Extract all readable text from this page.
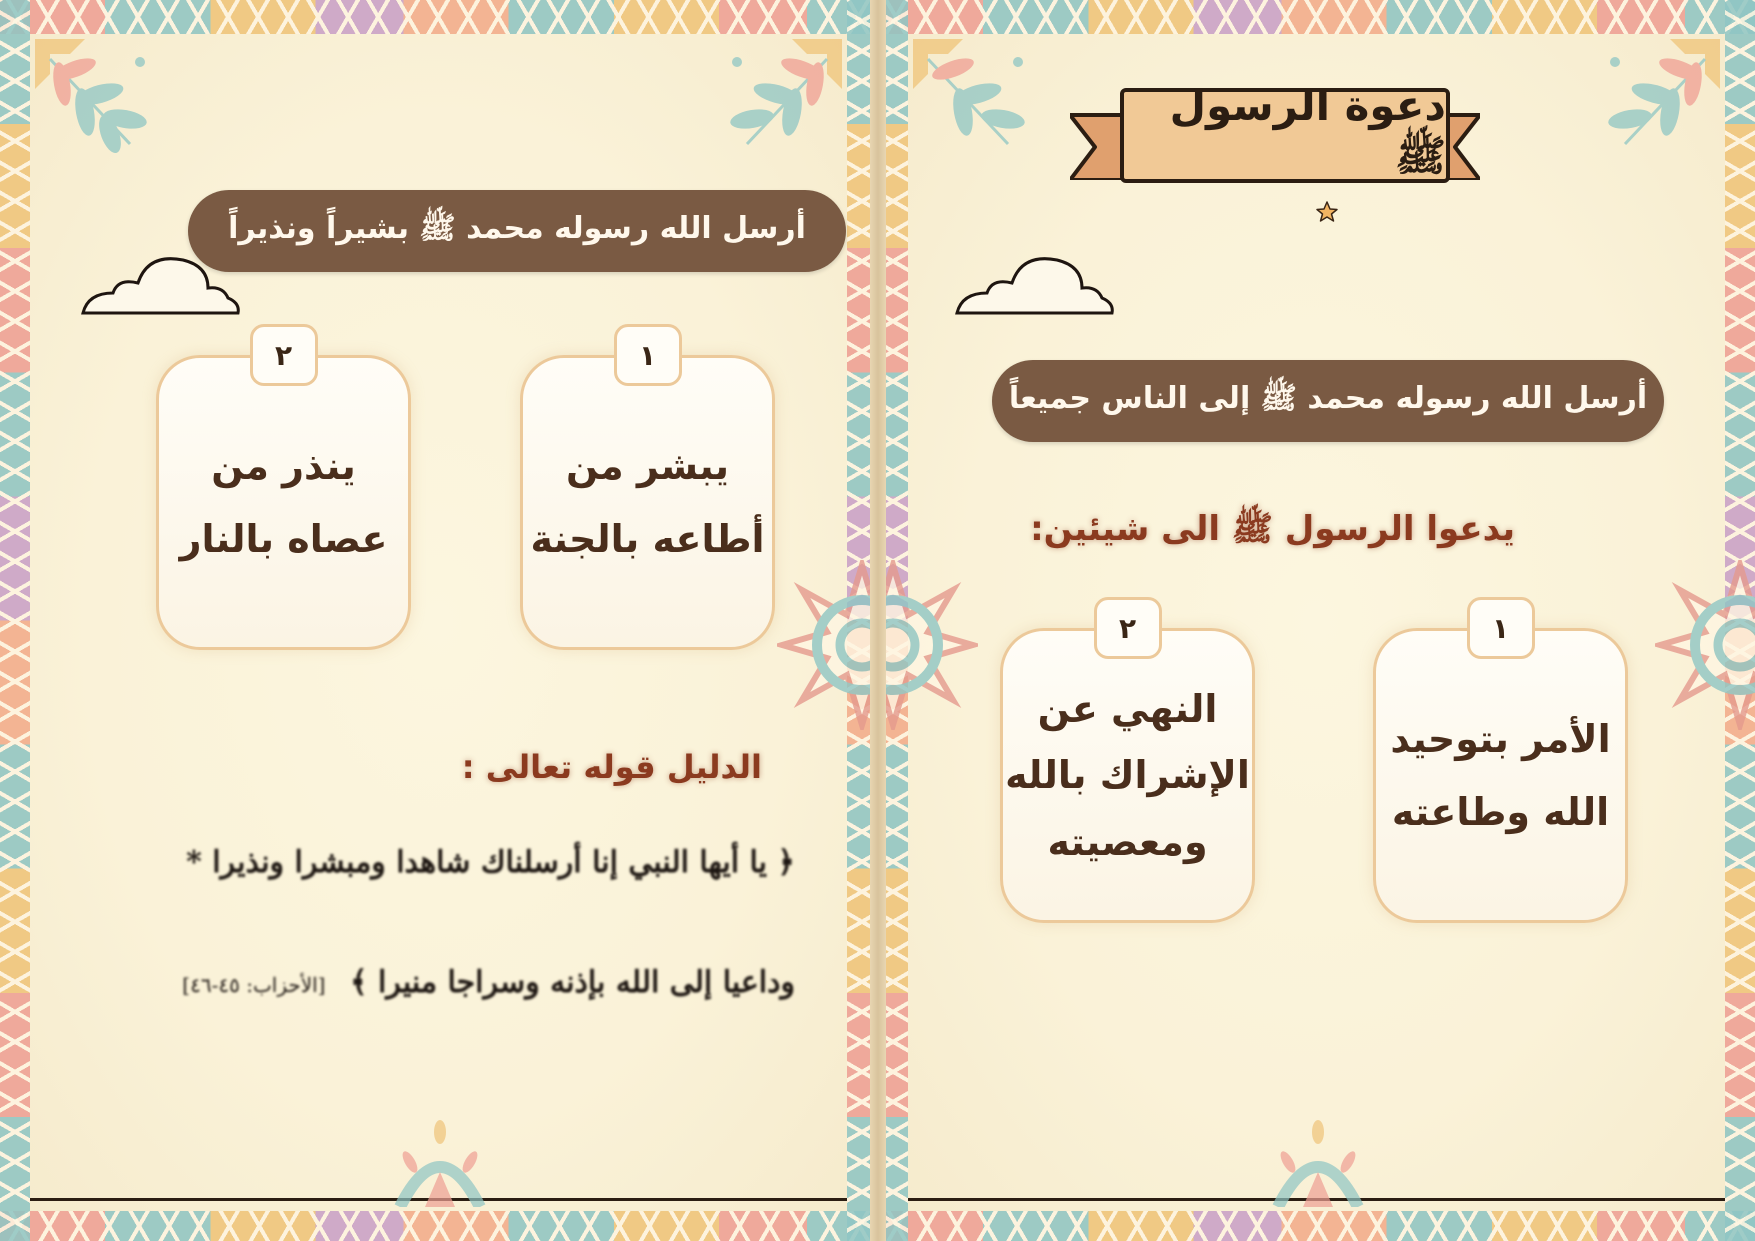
أرسل الله رسوله محمد ﷺ بشيراً ونذيراً
١
يبشر من
أطاعه بالجنة
٢
ينذر من
عصاه بالنار
الدليل قوله تعالى :
﴿ يا أيها النبي إنا أرسلناك شاهدا ومبشرا ونذيرا *
وداعيا إلى الله بإذنه وسراجا منيرا ﴾ [الأحزاب: ٤٥-٤٦]
دعوة الرسول ﷺ
أرسل الله رسوله محمد ﷺ إلى الناس جميعاً
يدعوا الرسول ﷺ الى شيئين:
١
الأمر بتوحيد
الله وطاعته
٢
النهي عن
الإشراك بالله
ومعصيته
